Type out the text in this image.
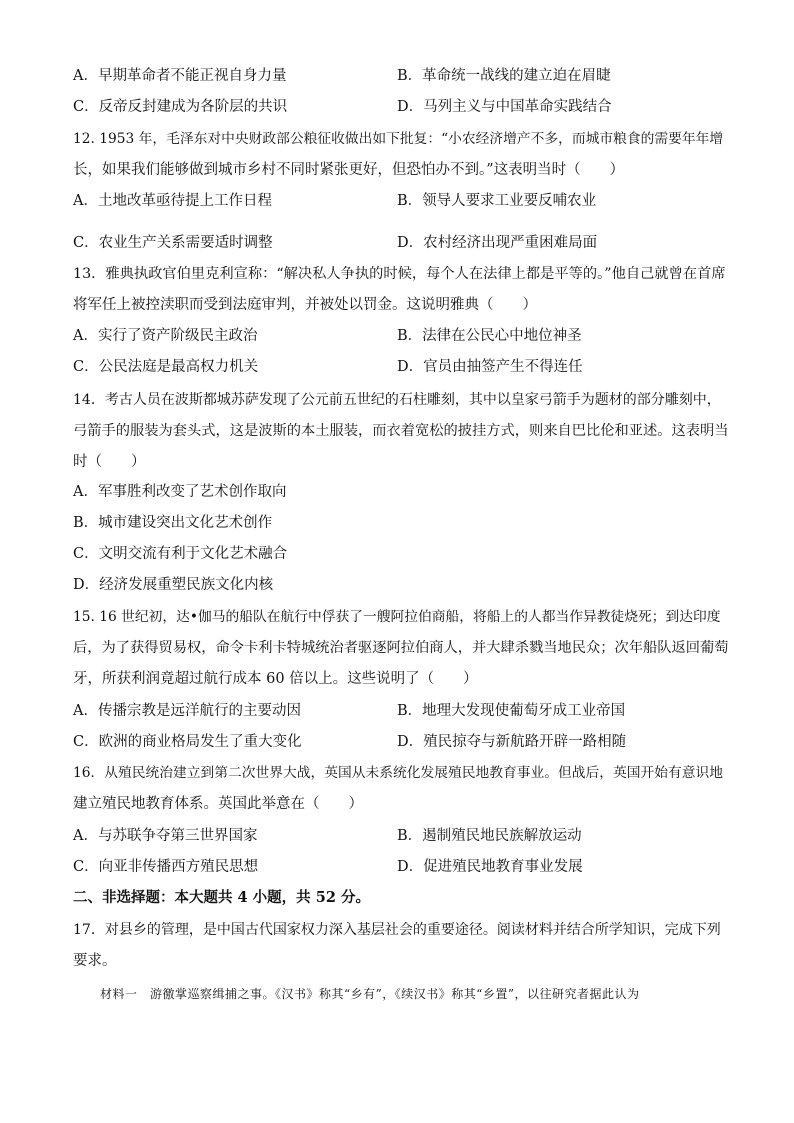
A．早期革命者不能正视自身力量	B．革命统一战线的建立迫在眉睫
C．反帝反封建成为各阶层的共识	D．马列主义与中国革命实践结合
12. 1953 年，毛泽东对中央财政部公粮征收做出如下批复：“小农经济增产不多，而城市粮食的需要年年增
长，如果我们能够做到城市乡村不同时紧张更好，但恐怕办不到。”这表明当时（　　）
A．土地改革亟待提上工作日程	B．领导人要求工业要反哺农业
C．农业生产关系需要适时调整	D．农村经济出现严重困难局面
13．雅典执政官伯里克利宣称：“解决私人争执的时候，每个人在法律上都是平等的。”他自己就曾在首席
将军任上被控渎职而受到法庭审判，并被处以罚金。这说明雅典（　　）
A．实行了资产阶级民主政治	B．法律在公民心中地位神圣
C．公民法庭是最高权力机关	D．官员由抽签产生不得连任
14．考古人员在波斯都城苏萨发现了公元前五世纪的石柱雕刻，其中以皇家弓箭手为题材的部分雕刻中，
弓箭手的服装为套头式，这是波斯的本土服装，而衣着宽松的披挂方式，则来自巴比伦和亚述。这表明当
时（　　）
A．军事胜利改变了艺术创作取向
B．城市建设突出文化艺术创作
C．文明交流有利于文化艺术融合
D．经济发展重塑民族文化内核
15. 16 世纪初，达•伽马的船队在航行中俘获了一艘阿拉伯商船，将船上的人都当作异教徒烧死；到达印度
后，为了获得贸易权，命令卡利卡特城统治者驱逐阿拉伯商人，并大肆杀戮当地民众；次年船队返回葡萄
牙，所获利润竟超过航行成本 60 倍以上。这些说明了（　　）
A．传播宗教是远洋航行的主要动因	B．地理大发现使葡萄牙成工业帝国
C．欧洲的商业格局发生了重大变化	D．殖民掠夺与新航路开辟一路相随
16．从殖民统治建立到第二次世界大战，英国从未系统化发展殖民地教育事业。但战后，英国开始有意识地
建立殖民地教育体系。英国此举意在（　　）
A．与苏联争夺第三世界国家	B．遏制殖民地民族解放运动
C．向亚非传播西方殖民思想	D．促进殖民地教育事业发展
二、非选择题：本大题共 4 小题，共 52 分。
17．对县乡的管理，是中国古代国家权力深入基层社会的重要途径。阅读材料并结合所学知识，完成下列
要求。
材料一　游徼掌巡察缉捕之事。《汉书》称其“乡有”，《续汉书》称其“乡置”，以往研究者据此认为
